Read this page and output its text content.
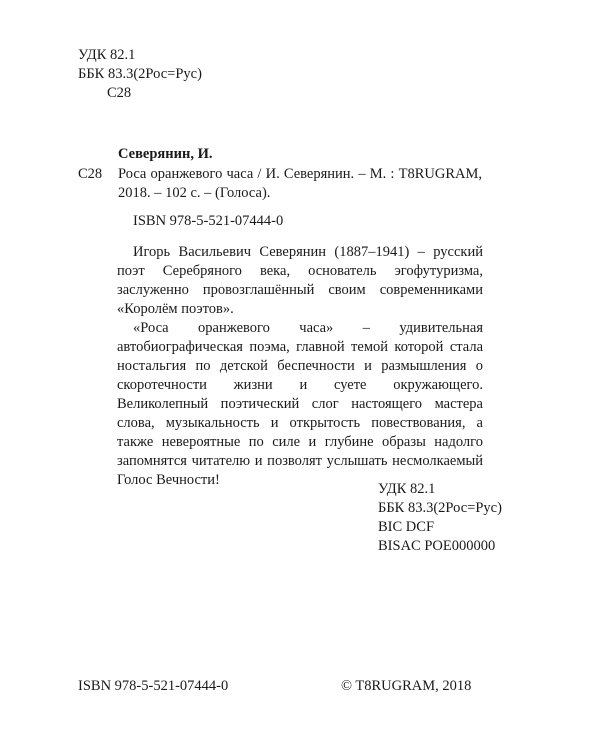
УДК 82.1
ББК 83.3(2Рос=Рус)
С28
Северянин, И.
С28 Роса оранжевого часа / И. Северянин. – М. : T8RUGRAM, 2018. – 102 с. – (Голоса).
ISBN 978-5-521-07444-0

Игорь Васильевич Северянин (1887–1941) – русский поэт Серебряного века, основатель эгофутуризма, заслуженно провозглашённый своим современниками «Королём поэтов».

«Роса оранжевого часа» – удивительная автобиографическая поэма, главной темой которой стала ностальгия по детской беспечности и размышления о скоротечности жизни и суете окружающего. Великолепный поэтический слог настоящего мастера слова, музыкальность и открытость повествования, а также невероятные по силе и глубине образы надолго запомнятся читателю и позволят услышать несмолкаемый Голос Вечности!

УДК 82.1
ББК 83.3(2Рос=Рус)
BIC DCF
BISAC POE000000
ISBN 978-5-521-07444-0	© T8RUGRAM, 2018
